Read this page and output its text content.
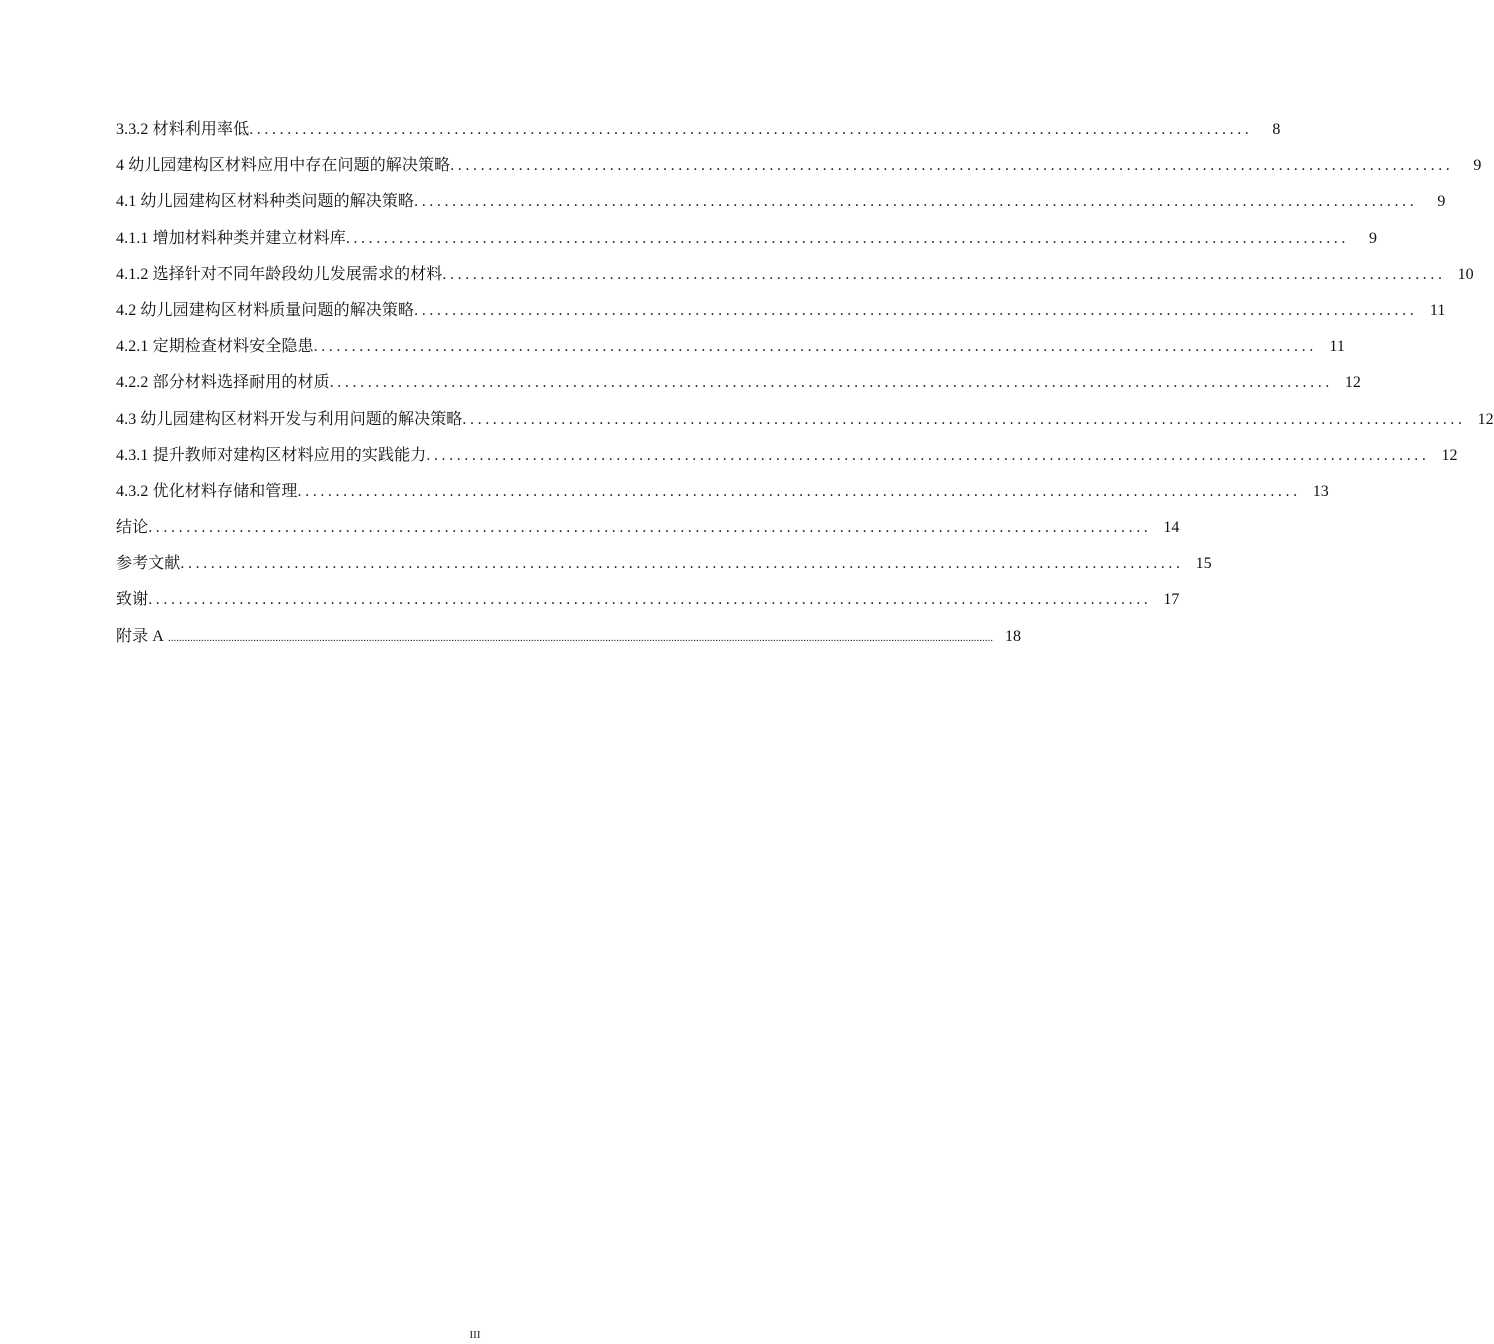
3.3.2 材料利用率低 ....................................................................................................................................	8
4 幼儿园建构区材料应用中存在问题的解决策略 ....................................................................................................................................	9
4.1 幼儿园建构区材料种类问题的解决策略 ....................................................................................................................................	9
4.1.1 增加材料种类并建立材料库 ....................................................................................................................................	9
4.1.2 选择针对不同年龄段幼儿发展需求的材料 .................................................................................................................................... 10
4.2 幼儿园建构区材料质量问题的解决策略 .................................................................................................................................... 11
4.2.1 定期检查材料安全隐患 .................................................................................................................................... 11
4.2.2 部分材料选择耐用的材质 .................................................................................................................................... 12
4.3 幼儿园建构区材料开发与利用问题的解决策略 .................................................................................................................................... 12
4.3.1 提升教师对建构区材料应用的实践能力 .................................................................................................................................... 12
4.3.2 优化材料存储和管理 .................................................................................................................................... 13
结论 .................................................................................................................................... 14
参考文献 .................................................................................................................................... 15
致谢 .................................................................................................................................... 17
附录 A ............................................................................................................................................................................................................................................................................................................ 18
III
